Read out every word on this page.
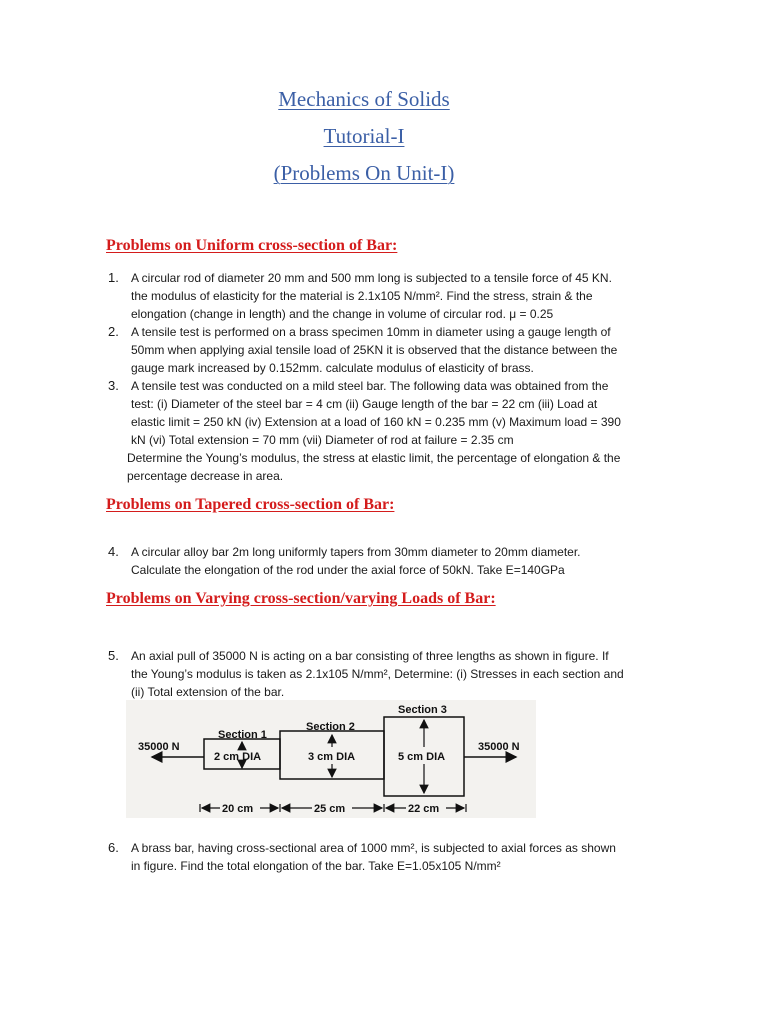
Mechanics of Solids

Tutorial-I

(Problems On Unit-I)

Problems on Uniform cross-section of Bar:

1. A circular rod of diameter 20 mm and 500 mm long is subjected to a tensile force of 45 KN. the modulus of elasticity for the material is 2.1x105 N/mm². Find the stress, strain & the elongation (change in length) and the change in volume of circular rod. μ = 0.25
2. A tensile test is performed on a brass specimen 10mm in diameter using a gauge length of 50mm when applying axial tensile load of 25KN it is observed that the distance between the gauge mark increased by 0.152mm. calculate modulus of elasticity of brass.
3. A tensile test was conducted on a mild steel bar. The following data was obtained from the test: (i) Diameter of the steel bar = 4 cm (ii) Gauge length of the bar = 22 cm (iii) Load at elastic limit = 250 kN (iv) Extension at a load of 160 kN = 0.235 mm (v) Maximum load = 390 kN (vi) Total extension = 70 mm (vii) Diameter of rod at failure = 2.35 cm
Determine the Young’s modulus, the stress at elastic limit, the percentage of elongation & the percentage decrease in area.

Problems on Tapered cross-section of Bar:

4. A circular alloy bar 2m long uniformly tapers from 30mm diameter to 20mm diameter. Calculate the elongation of the rod under the axial force of 50kN. Take E=140GPa

Problems on Varying cross-section/varying Loads of Bar:

5. An axial pull of 35000 N is acting on a bar consisting of three lengths as shown in figure. If the Young’s modulus is taken as 2.1x105 N/mm², Determine: (i) Stresses in each section and (ii) Total extension of the bar.
35000 N	35000 N
Section 1
Section 2
Section 3
2 cm DIA	3 cm DIA	5 cm DIA
20 cm	25 cm	22 cm
6. A brass bar, having cross-sectional area of 1000 mm², is subjected to axial forces as shown in figure. Find the total elongation of the bar. Take E=1.05x105 N/mm²
